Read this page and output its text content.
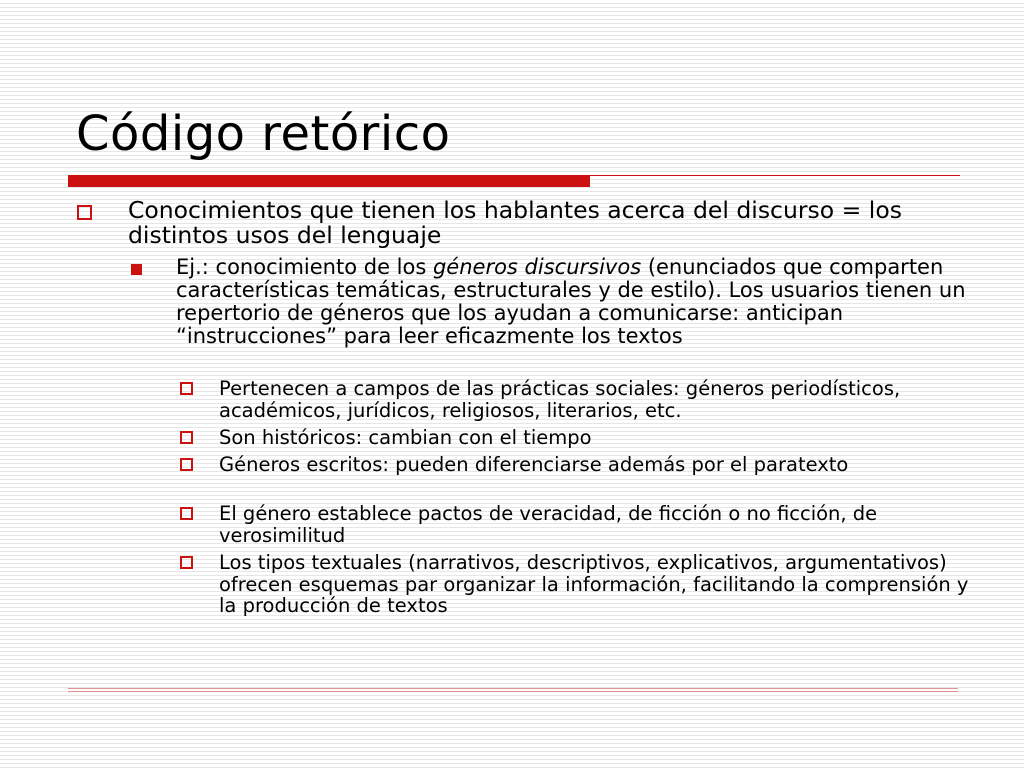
Código retórico

Conocimientos que tienen los hablantes acerca del discurso = los distintos usos del lenguaje

Ej.: conocimiento de los géneros discursivos (enunciados que comparten características temáticas, estructurales y de estilo). Los usuarios tienen un repertorio de géneros que los ayudan a comunicarse: anticipan “instrucciones” para leer eficazmente los textos

Pertenecen a campos de las prácticas sociales: géneros periodísticos, académicos, jurídicos, religiosos, literarios, etc.

Son históricos: cambian con el tiempo

Géneros escritos: pueden diferenciarse además por el paratexto

El género establece pactos de veracidad, de ficción o no ficción, de verosimilitud

Los tipos textuales (narrativos, descriptivos, explicativos, argumentativos) ofrecen esquemas par organizar la información, facilitando la comprensión y la producción de textos
